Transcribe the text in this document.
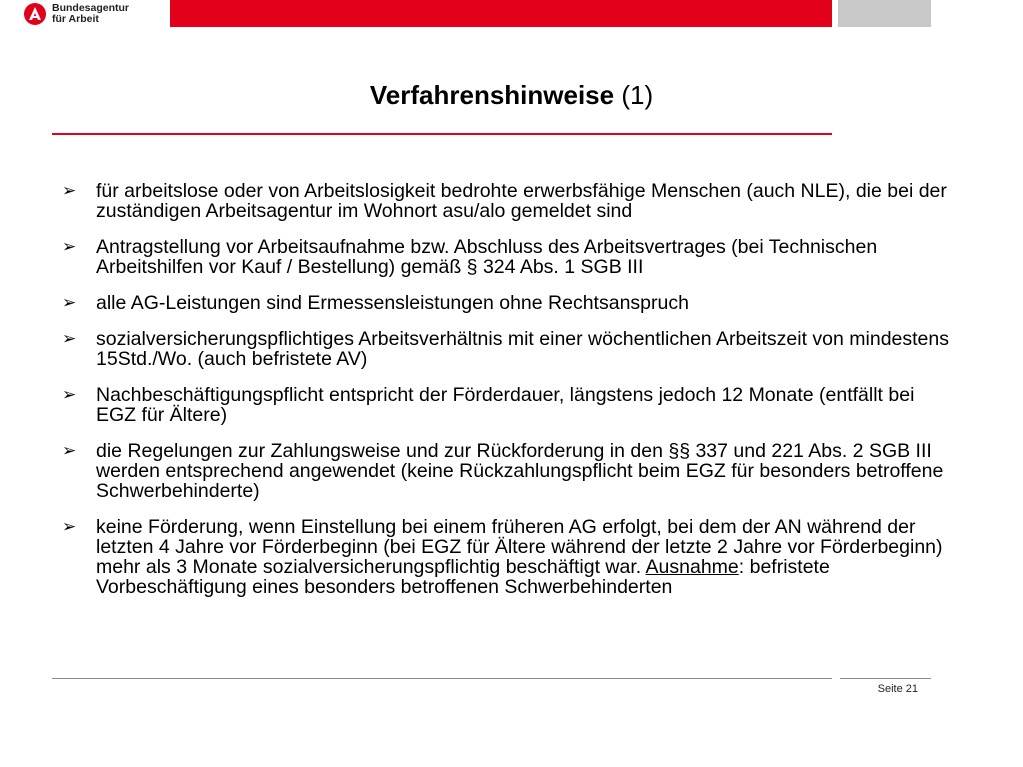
Bundesagentur
für Arbeit
Verfahrenshinweise (1)
➢ für arbeitslose oder von Arbeitslosigkeit bedrohte erwerbsfähige Menschen (auch NLE), die bei der zuständigen Arbeitsagentur im Wohnort asu/alo gemeldet sind
➢ Antragstellung vor Arbeitsaufnahme bzw. Abschluss des Arbeitsvertrages (bei Technischen Arbeitshilfen vor Kauf / Bestellung) gemäß § 324 Abs. 1 SGB III
➢ alle AG-Leistungen sind Ermessensleistungen ohne Rechtsanspruch
➢ sozialversicherungspflichtiges Arbeitsverhältnis mit einer wöchentlichen Arbeitszeit von mindestens 15Std./Wo. (auch befristete AV)
➢ Nachbeschäftigungspflicht entspricht der Förderdauer, längstens jedoch 12 Monate (entfällt bei EGZ für Ältere)
➢ die Regelungen zur Zahlungsweise und zur Rückforderung in den §§ 337 und 221 Abs. 2 SGB III werden entsprechend angewendet (keine Rückzahlungspflicht beim EGZ für besonders betroffene Schwerbehinderte)
➢ keine Förderung, wenn Einstellung bei einem früheren AG erfolgt, bei dem der AN während der letzten 4 Jahre vor Förderbeginn (bei EGZ für Ältere während der letzte 2 Jahre vor Förderbeginn) mehr als 3 Monate sozialversicherungspflichtig beschäftigt war. Ausnahme: befristete Vorbeschäftigung eines besonders betroffenen Schwerbehinderten
Seite 21
